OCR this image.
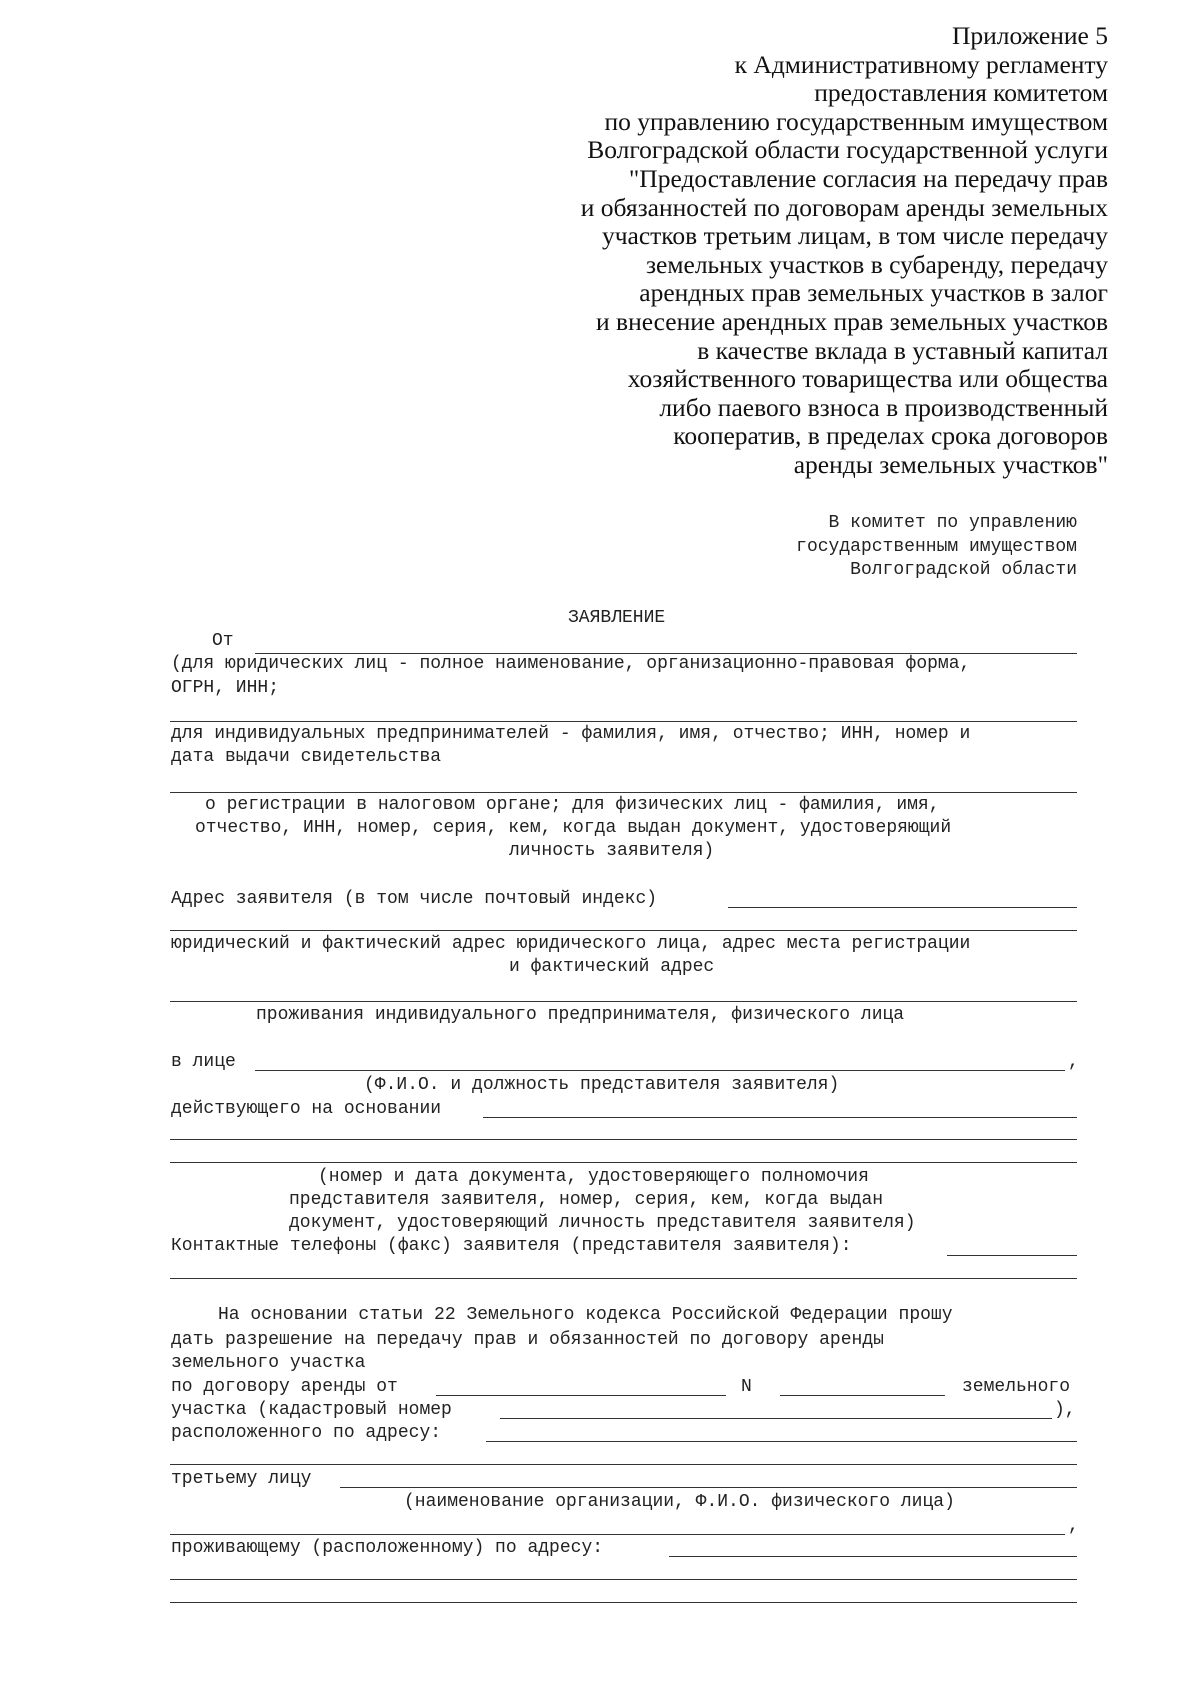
Приложение 5
к Административному регламенту
предоставления комитетом
по управлению государственным имуществом
Волгоградской области государственной услуги
"Предоставление согласия на передачу прав
и обязанностей по договорам аренды земельных
участков третьим лицам, в том числе передачу
земельных участков в субаренду, передачу
арендных прав земельных участков в залог
и внесение арендных прав земельных участков
в качестве вклада в уставный капитал
хозяйственного товарищества или общества
либо паевого взноса в производственный
кооператив, в пределах срока договоров
аренды земельных участков"
В комитет по управлению
государственным имуществом
Волгоградской области
ЗАЯВЛЕНИЕ
От
(для юридических лиц - полное наименование, организационно-правовая форма,
ОГРН, ИНН;
для индивидуальных предпринимателей - фамилия, имя, отчество; ИНН, номер и
дата выдачи свидетельства
о регистрации в налоговом органе; для физических лиц - фамилия, имя,
отчество, ИНН, номер, серия, кем, когда выдан документ, удостоверяющий
личность заявителя)
Адрес заявителя (в том числе почтовый индекс)
юридический и фактический адрес юридического лица, адрес места регистрации
и фактический адрес
проживания индивидуального предпринимателя, физического лица
в лице	,
(Ф.И.О. и должность представителя заявителя)
действующего на основании
(номер и дата документа, удостоверяющего полномочия
представителя заявителя, номер, серия, кем, когда выдан
документ, удостоверяющий личность представителя заявителя)
Контактные телефоны (факс) заявителя (представителя заявителя):
На основании статьи 22 Земельного кодекса Российской Федерации прошу
дать разрешение на передачу прав и обязанностей по договору аренды
земельного участка
по договору аренды от	N	земельного
участка (кадастровый номер	),
расположенного по адресу:
третьему лицу
(наименование организации, Ф.И.О. физического лица)
,
проживающему (расположенному) по адресу:
